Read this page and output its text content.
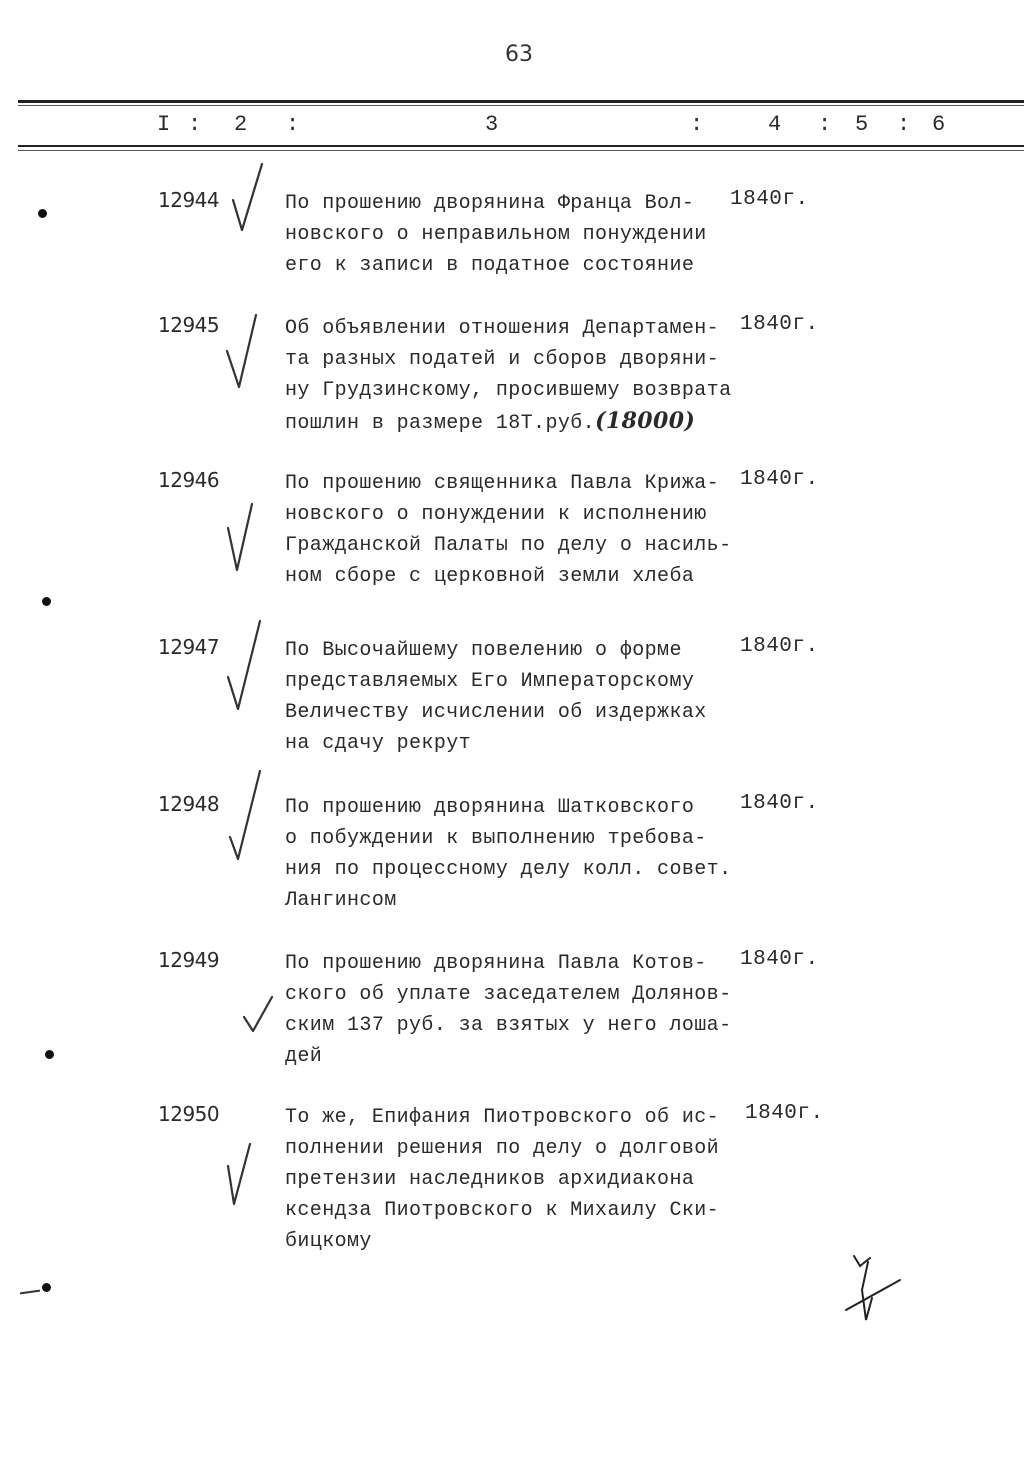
63
I : 2 :	3	:	4 : 5 : 6
12944	По прошению дворянина Франца Вол-
новского о неправильном понуждении
его к записи в податное состояние
1840г.
12945	Об объявлении отношения Департамен-
та разных податей и сборов дворяни-
ну Грудзинскому, просившему возврата
пошлин в размере 18Т.руб.(18000)
1840г.
12946	По прошению священника Павла Крижа-
новского о понуждении к исполнению
Гражданской Палаты по делу о насиль-
ном сборе с церковной земли хлеба
1840г.
12947	По Высочайшему повелению о форме
представляемых Его Императорскому
Величеству исчислении об издержках
на сдачу рекрут
1840г.
12948	По прошению дворянина Шатковского
о побуждении к выполнению требова-
ния по процессному делу колл. совет.
Лангинсом
1840г.
12949	По прошению дворянина Павла Котов-
ского об уплате заседателем Долянов-
ским 137 руб. за взятых у него лоша-
дей
1840г.
12950	То же, Епифания Пиотровского об ис-
полнении решения по делу о долговой
претензии наследников архидиакона
ксендза Пиотровского к Михаилу Ски-
бицкому
1840г.
